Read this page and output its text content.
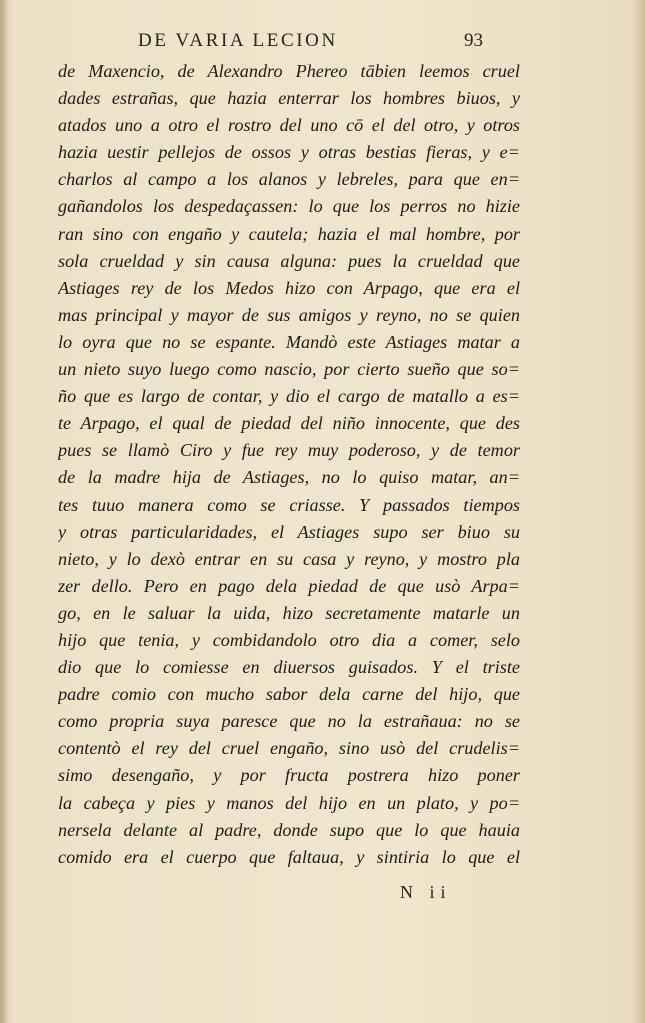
DE VARIA LECION	93
de Maxencio, de Alexandro Phereo tābien leemos cruel
dades estrañas, que hazia enterrar los hombres biuos, y
atados uno a otro el rostro del uno cō el del otro, y otros
hazia uestir pellejos de ossos y otras bestias fieras, y e=
charlos al campo a los alanos y lebreles, para que en=
gañandolos los despedaçassen: lo que los perros no hizie
ran sino con engaño y cautela; hazia el mal hombre, por
sola crueldad y sin causa alguna: pues la crueldad que
Astiages rey de los Medos hizo con Arpago, que era el
mas principal y mayor de sus amigos y reyno, no se quien
lo oyra que no se espante. Mandò este Astiages matar a
un nieto suyo luego como nascio, por cierto sueño que so=
ño que es largo de contar, y dio el cargo de matallo a es=
te Arpago, el qual de piedad del niño innocente, que des
pues se llamò Ciro y fue rey muy poderoso, y de temor
de la madre hija de Astiages, no lo quiso matar, an=
tes tuuo manera como se criasse. Y passados tiempos
y otras particularidades, el Astiages supo ser biuo su
nieto, y lo dexò entrar en su casa y reyno, y mostro pla
zer dello. Pero en pago dela piedad de que usò Arpa=
go, en le saluar la uida, hizo secretamente matarle un
hijo que tenia, y combidandolo otro dia a comer, selo
dio que lo comiesse en diuersos guisados. Y el triste
padre comio con mucho sabor dela carne del hijo, que
como propria suya paresce que no la estrañaua: no se
contentò el rey del cruel engaño, sino usò del crudelis=
simo desengaño, y por fructa postrera hizo poner
la cabeça y pies y manos del hijo en un plato, y po=
nersela delante al padre, donde supo que lo que hauia
comido era el cuerpo que faltaua, y sintiria lo que el
N ii
